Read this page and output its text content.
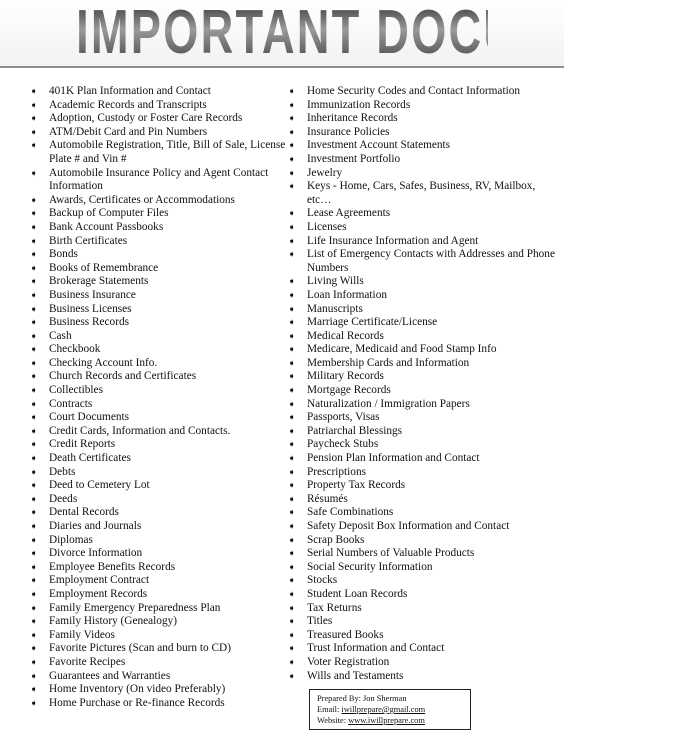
IMPORTANT DOCUMENTS
➧ 401K Plan Information and Contact
➧ Academic Records and Transcripts
➧ Adoption, Custody or Foster Care Records
➧ ATM/Debit Card and Pin Numbers
➧ Automobile Registration, Title, Bill of Sale, License Plate # and Vin #
➧ Automobile Insurance Policy and Agent Contact Information
➧ Awards, Certificates or Accommodations
➧ Backup of Computer Files
➧ Bank Account Passbooks
➧ Birth Certificates
➧ Bonds
➧ Books of Remembrance
➧ Brokerage Statements
➧ Business Insurance
➧ Business Licenses
➧ Business Records
➧ Cash
➧ Checkbook
➧ Checking Account Info.
➧ Church Records and Certificates
➧ Collectibles
➧ Contracts
➧ Court Documents
➧ Credit Cards, Information and Contacts.
➧ Credit Reports
➧ Death Certificates
➧ Debts
➧ Deed to Cemetery Lot
➧ Deeds
➧ Dental Records
➧ Diaries and Journals
➧ Diplomas
➧ Divorce Information
➧ Employee Benefits Records
➧ Employment Contract
➧ Employment Records
➧ Family Emergency Preparedness Plan
➧ Family History (Genealogy)
➧ Family Videos
➧ Favorite Pictures (Scan and burn to CD)
➧ Favorite Recipes
➧ Guarantees and Warranties
➧ Home Inventory (On video Preferably)
➧ Home Purchase or Re-finance Records
➧ Home Security Codes and Contact Information
➧ Immunization Records
➧ Inheritance Records
➧ Insurance Policies
➧ Investment Account Statements
➧ Investment Portfolio
➧ Jewelry
➧ Keys - Home, Cars, Safes, Business, RV, Mailbox, etc…
➧ Lease Agreements
➧ Licenses
➧ Life Insurance Information and Agent
➧ List of Emergency Contacts with Addresses and Phone Numbers
➧ Living Wills
➧ Loan Information
➧ Manuscripts
➧ Marriage Certificate/License
➧ Medical Records
➧ Medicare, Medicaid and Food Stamp Info
➧ Membership Cards and Information
➧ Military Records
➧ Mortgage Records
➧ Naturalization / Immigration Papers
➧ Passports, Visas
➧ Patriarchal Blessings
➧ Paycheck Stubs
➧ Pension Plan Information and Contact
➧ Prescriptions
➧ Property Tax Records
➧ Résumés
➧ Safe Combinations
➧ Safety Deposit Box Information and Contact
➧ Scrap Books
➧ Serial Numbers of Valuable Products
➧ Social Security Information
➧ Stocks
➧ Student Loan Records
➧ Tax Returns
➧ Titles
➧ Treasured Books
➧ Trust Information and Contact
➧ Voter Registration
➧ Wills and Testaments
Prepared By: Jon Sherman
Email: iwillprepare@gmail.com
Website: www.iwillprepare.com
